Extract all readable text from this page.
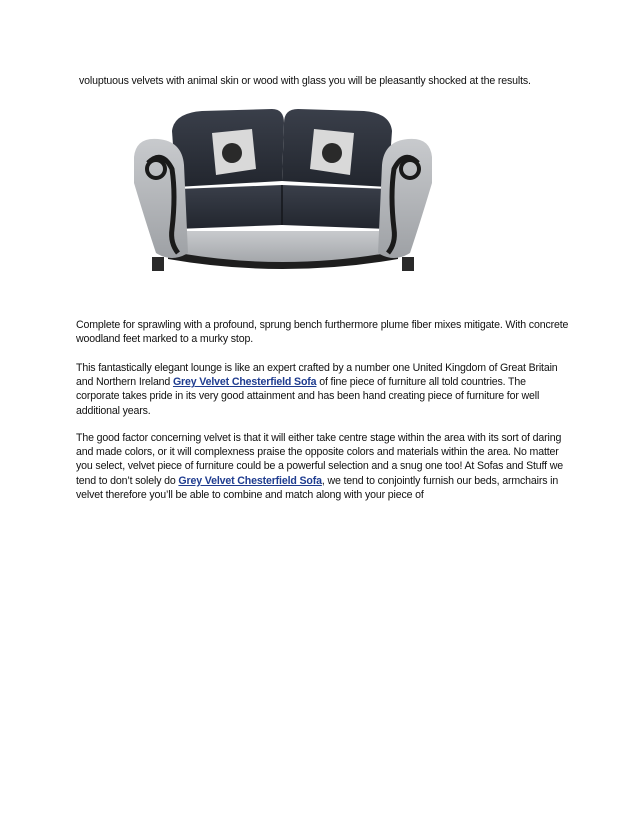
voluptuous velvets with animal skin or wood with glass you will be pleasantly shocked at the results.

Complete for sprawling with a profound, sprung bench furthermore plume fiber mixes mitigate. With concrete woodland feet marked to a murky stop.

This fantastically elegant lounge is like an expert crafted by a number one United Kingdom of Great Britain and Northern Ireland Grey Velvet Chesterfield Sofa of fine piece of furniture all told countries. The corporate takes pride in its very good attainment and has been hand creating piece of furniture for well additional years.

The good factor concerning velvet is that it will either take centre stage within the area with its sort of daring and made colors, or it will complexness praise the opposite colors and materials within the area. No matter you select, velvet piece of furniture could be a powerful selection and a snug one too! At Sofas and Stuff we tend to don’t solely do Grey Velvet Chesterfield Sofa, we tend to conjointly furnish our beds, armchairs in velvet therefore you’ll be able to combine and match along with your piece of
